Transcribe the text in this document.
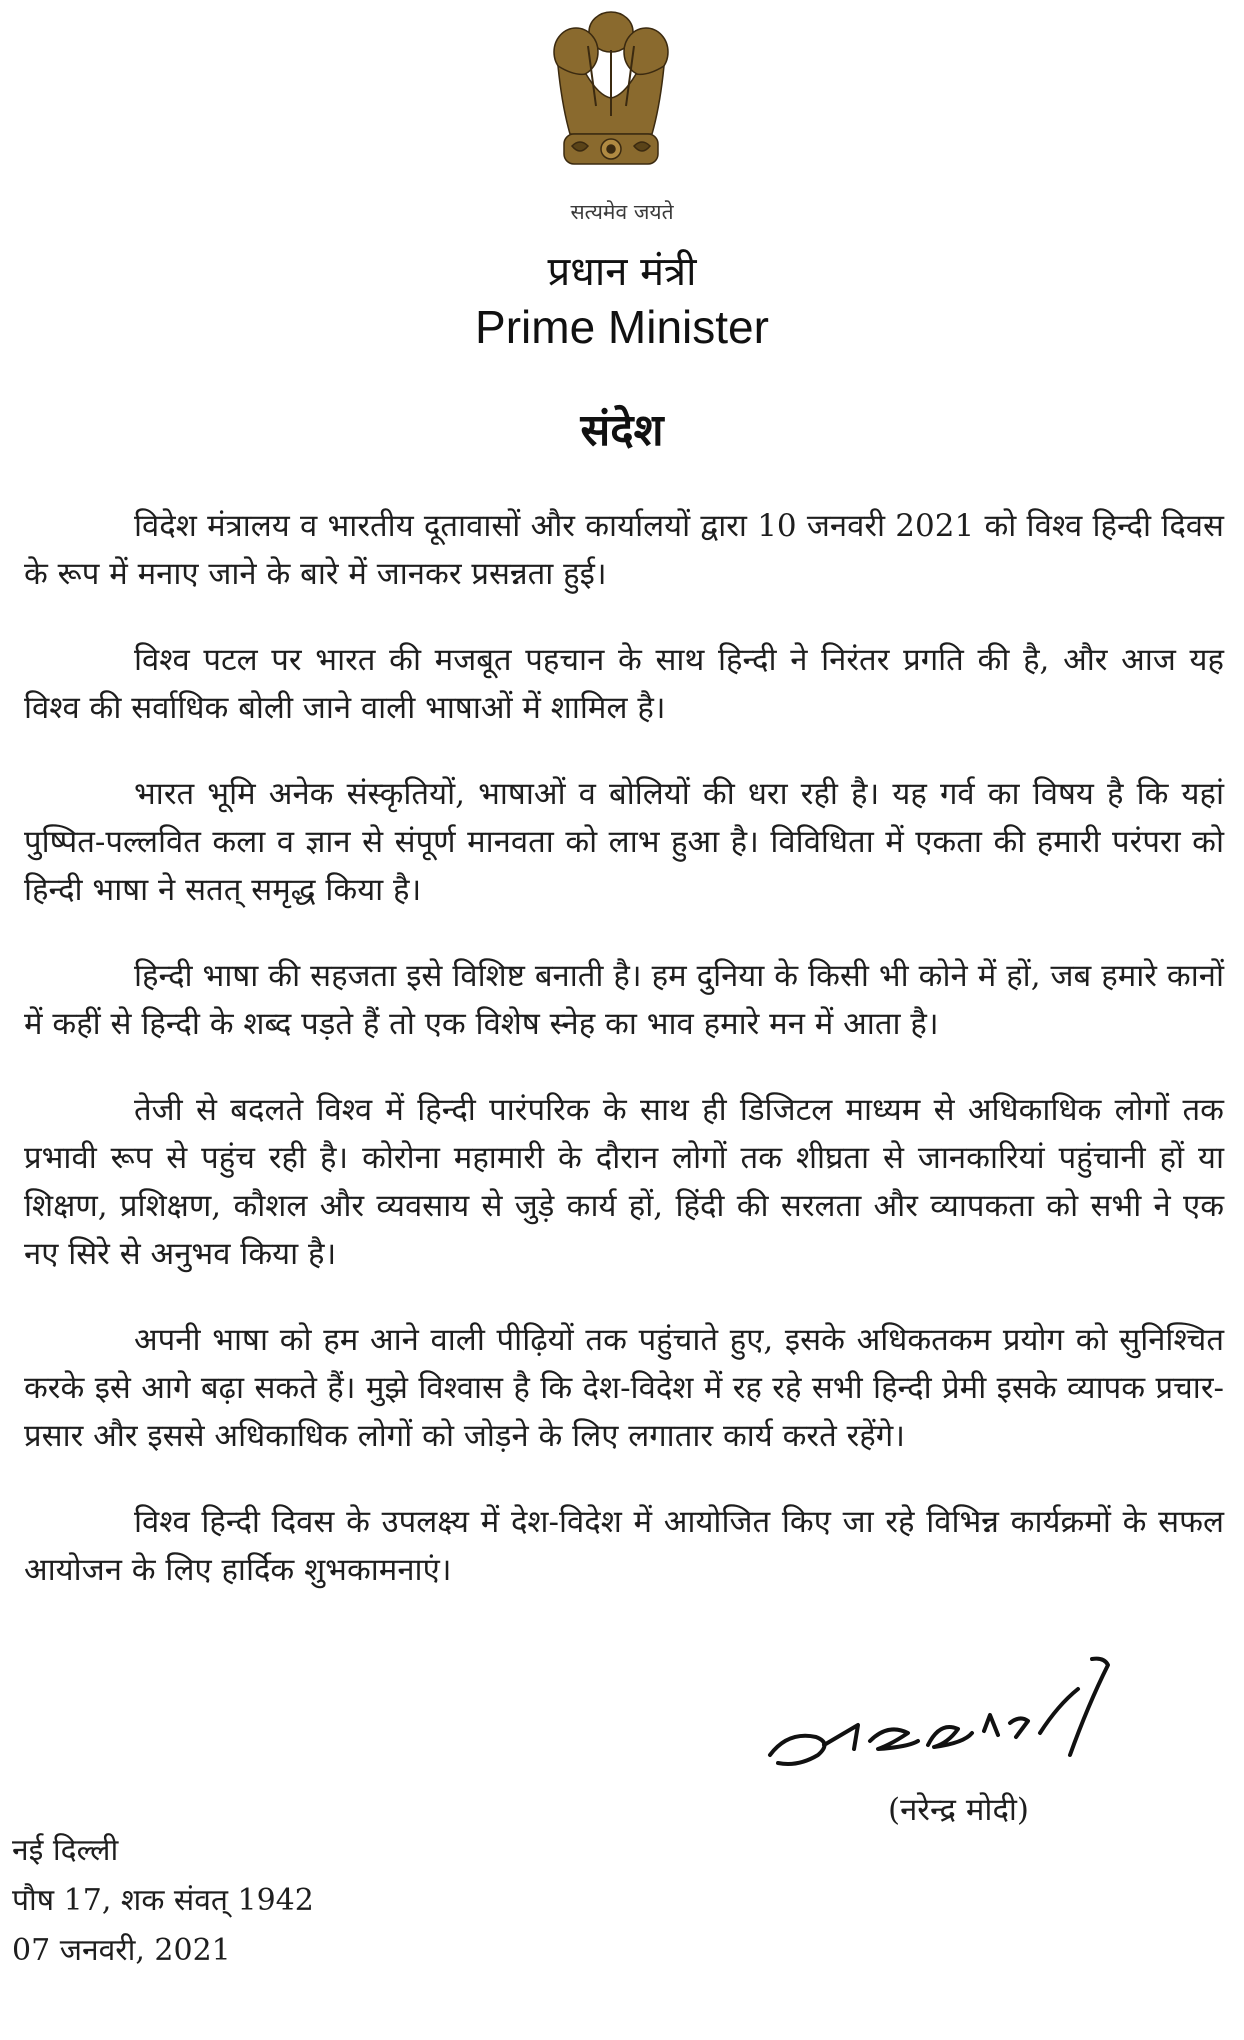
सत्यमेव जयते
प्रधान मंत्री
Prime Minister
संदेश

विदेश मंत्रालय व भारतीय दूतावासों और कार्यालयों द्वारा 10 जनवरी 2021 को विश्व हिन्दी दिवस के रूप में मनाए जाने के बारे में जानकर प्रसन्नता हुई।

विश्व पटल पर भारत की मजबूत पहचान के साथ हिन्दी ने निरंतर प्रगति की है, और आज यह विश्व की सर्वाधिक बोली जाने वाली भाषाओं में शामिल है।

भारत भूमि अनेक संस्कृतियों, भाषाओं व बोलियों की धरा रही है। यह गर्व का विषय है कि यहां पुष्पित-पल्लवित कला व ज्ञान से संपूर्ण मानवता को लाभ हुआ है। विविधिता में एकता की हमारी परंपरा को हिन्दी भाषा ने सतत् समृद्ध किया है।

हिन्दी भाषा की सहजता इसे विशिष्ट बनाती है। हम दुनिया के किसी भी कोने में हों, जब हमारे कानों में कहीं से हिन्दी के शब्द पड़ते हैं तो एक विशेष स्नेह का भाव हमारे मन में आता है।

तेजी से बदलते विश्व में हिन्दी पारंपरिक के साथ ही डिजिटल माध्यम से अधिकाधिक लोगों तक प्रभावी रूप से पहुंच रही है। कोरोना महामारी के दौरान लोगों तक शीघ्रता से जानकारियां पहुंचानी हों या शिक्षण, प्रशिक्षण, कौशल और व्यवसाय से जुड़े कार्य हों, हिंदी की सरलता और व्यापकता को सभी ने एक नए सिरे से अनुभव किया है।

अपनी भाषा को हम आने वाली पीढ़ियों तक पहुंचाते हुए, इसके अधिकतकम प्रयोग को सुनिश्चित करके इसे आगे बढ़ा सकते हैं। मुझे विश्वास है कि देश-विदेश में रह रहे सभी हिन्दी प्रेमी इसके व्यापक प्रचार-प्रसार और इससे अधिकाधिक लोगों को जोड़ने के लिए लगातार कार्य करते रहेंगे।

विश्व हिन्दी दिवस के उपलक्ष्य में देश-विदेश में आयोजित किए जा रहे विभिन्न कार्यक्रमों के सफल आयोजन के लिए हार्दिक शुभकामनाएं।

(नरेन्द्र मोदी)
नई दिल्ली
पौष 17, शक संवत् 1942
07 जनवरी, 2021
